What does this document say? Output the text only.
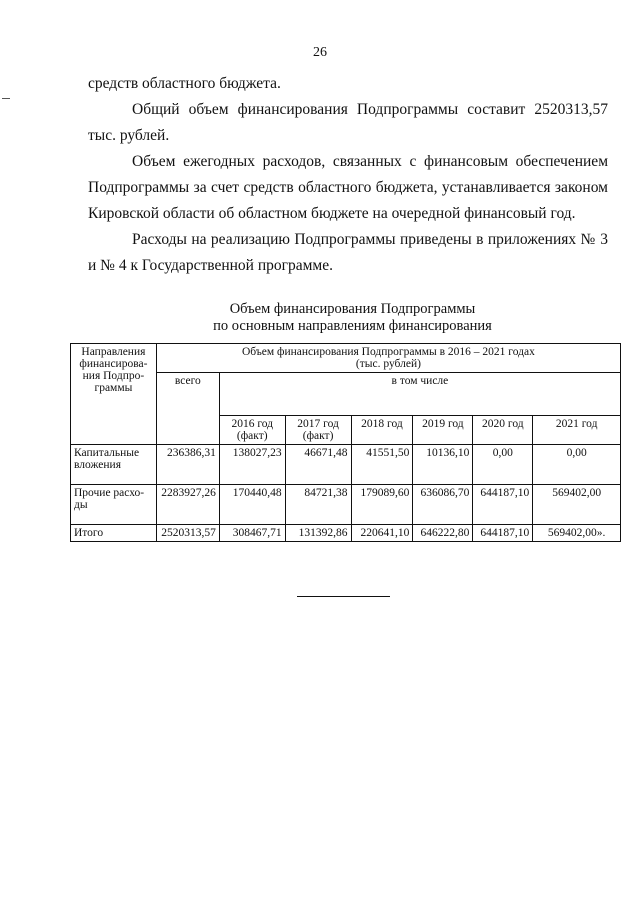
26

средств областного бюджета.

Общий объем финансирования Подпрограммы составит 2520313,57 тыс. рублей.

Объем ежегодных расходов, связанных с финансовым обеспечением Подпрограммы за счет средств областного бюджета, устанавливается законом Кировской области об областном бюджете на очередной финансовый год.

Расходы на реализацию Подпрограммы приведены в приложениях № 3 и № 4 к Государственной программе.

Объем финансирования Подпрограммы
по основным направлениям финансирования
Направления финансирова-ния Подпро-граммы	Объем финансирования Подпрограммы в 2016 – 2021 годах
(тыс. рублей)						

	всего	в том числе					
		2016 год (факт)	2017 год (факт)	2018 год	2019 год	2020 год	2021 год
Капитальные вложения	236386,31	138027,23	46671,48	41551,50	10136,10	0,00	0,00
Прочие расхо-ды	2283927,26	170440,48	84721,38	179089,60	636086,70	644187,10	569402,00
Итого	2520313,57	308467,71	131392,86	220641,10	646222,80	644187,10	569402,00».
